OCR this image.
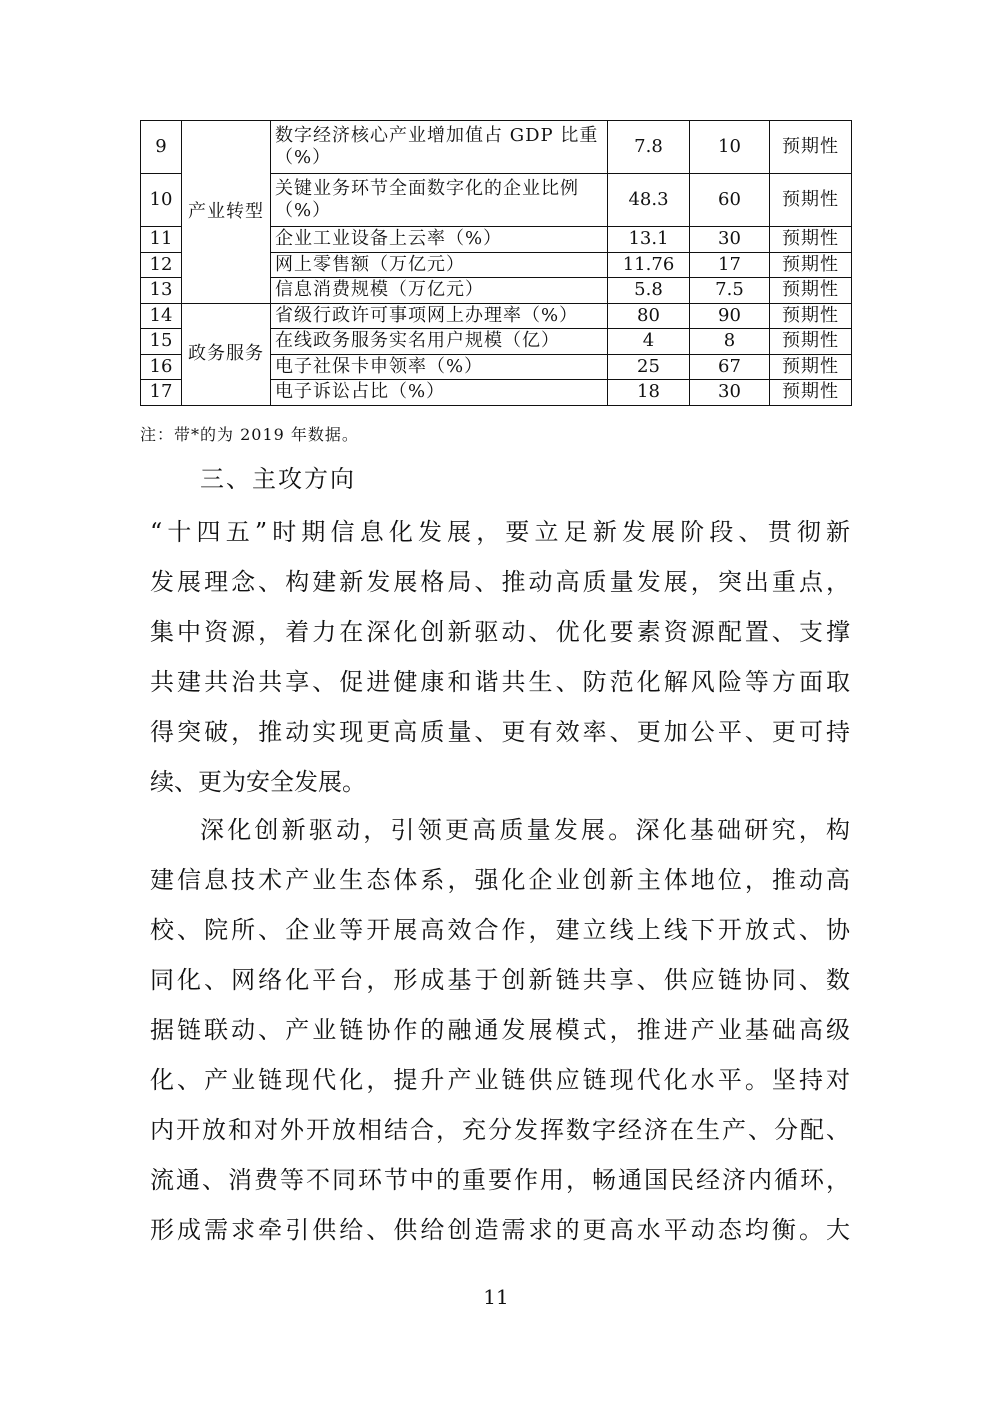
9	产业转型	数字经济核心产业增加值占 GDP 比重（%）	7.8	10	预期性
10		关键业务环节全面数字化的企业比例（%）	48.3	60	预期性
11		企业工业设备上云率（%）	13.1	30	预期性
12		网上零售额（万亿元）	11.76	17	预期性
13		信息消费规模（万亿元）	5.8	7.5	预期性
14	政务服务	省级行政许可事项网上办理率（%）	80	90	预期性
15		在线政务服务实名用户规模（亿）	4	8	预期性
16		电子社保卡申领率（%）	25	67	预期性
17		电子诉讼占比（%）	18	30	预期性
注：带*的为 2019 年数据。
三、主攻方向
“十四五”时期信息化发展，要立足新发展阶段、贯彻新
发展理念、构建新发展格局、推动高质量发展，突出重点，
集中资源，着力在深化创新驱动、优化要素资源配置、支撑
共建共治共享、促进健康和谐共生、防范化解风险等方面取
得突破，推动实现更高质量、更有效率、更加公平、更可持
续、更为安全发展。
深化创新驱动，引领更高质量发展。深化基础研究，构
建信息技术产业生态体系，强化企业创新主体地位，推动高
校、院所、企业等开展高效合作，建立线上线下开放式、协
同化、网络化平台，形成基于创新链共享、供应链协同、数
据链联动、产业链协作的融通发展模式，推进产业基础高级
化、产业链现代化，提升产业链供应链现代化水平。坚持对
内开放和对外开放相结合，充分发挥数字经济在生产、分配、
流通、消费等不同环节中的重要作用，畅通国民经济内循环，
形成需求牵引供给、供给创造需求的更高水平动态均衡。大
11
